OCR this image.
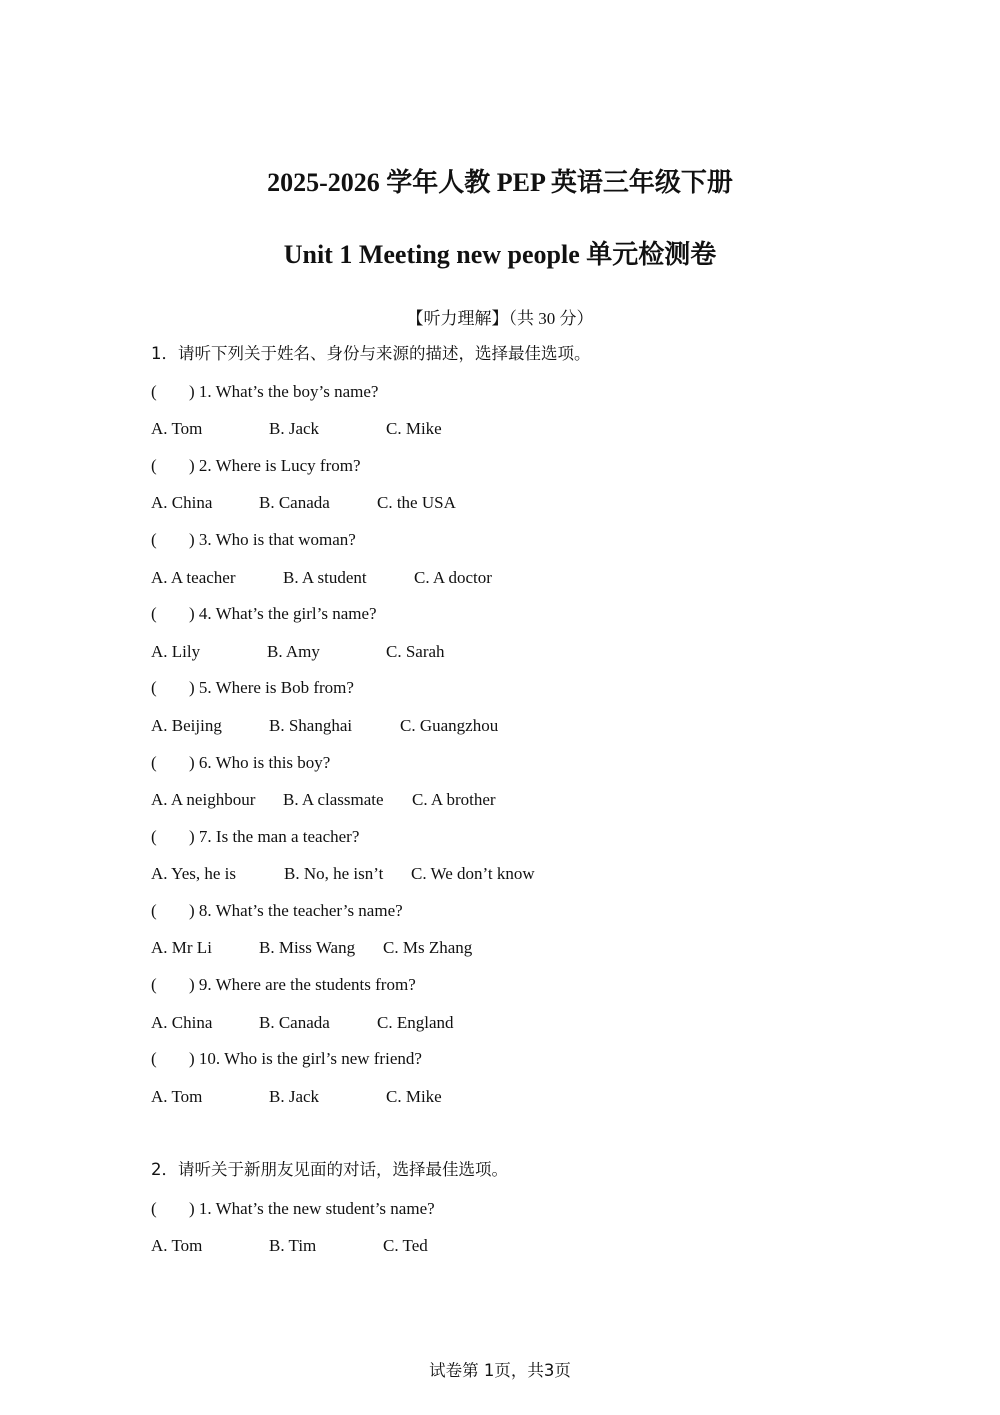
2025-2026 学年人教 PEP 英语三年级下册
Unit 1 Meeting new people 单元检测卷
【听力理解】（共 30 分）
1．请听下列关于姓名、身份与来源的描述，选择最佳选项。
( ) 1. What’s the boy’s name?
A. Tom	B. Jack	C. Mike
( ) 2. Where is Lucy from?
A. China	B. Canada	C. the USA
( ) 3. Who is that woman?
A. A teacher	B. A student	C. A doctor
( ) 4. What’s the girl’s name?
A. Lily	B. Amy	C. Sarah
( ) 5. Where is Bob from?
A. Beijing	B. Shanghai	C. Guangzhou
( ) 6. Who is this boy?
A. A neighbour B. A classmate C. A brother
( ) 7. Is the man a teacher?
A. Yes, he is	B. No, he isn’t C. We don’t know
( ) 8. What’s the teacher’s name?
A. Mr Li	B. Miss Wang C. Ms Zhang
( ) 9. Where are the students from?
A. China	B. Canada	C. England
( ) 10. Who is the girl’s new friend?
A. Tom	B. Jack	C. Mike
2．请听关于新朋友见面的对话，选择最佳选项。
( ) 1. What’s the new student’s name?
A. Tom	B. Tim	C. Ted
试卷第 1页，共3页
